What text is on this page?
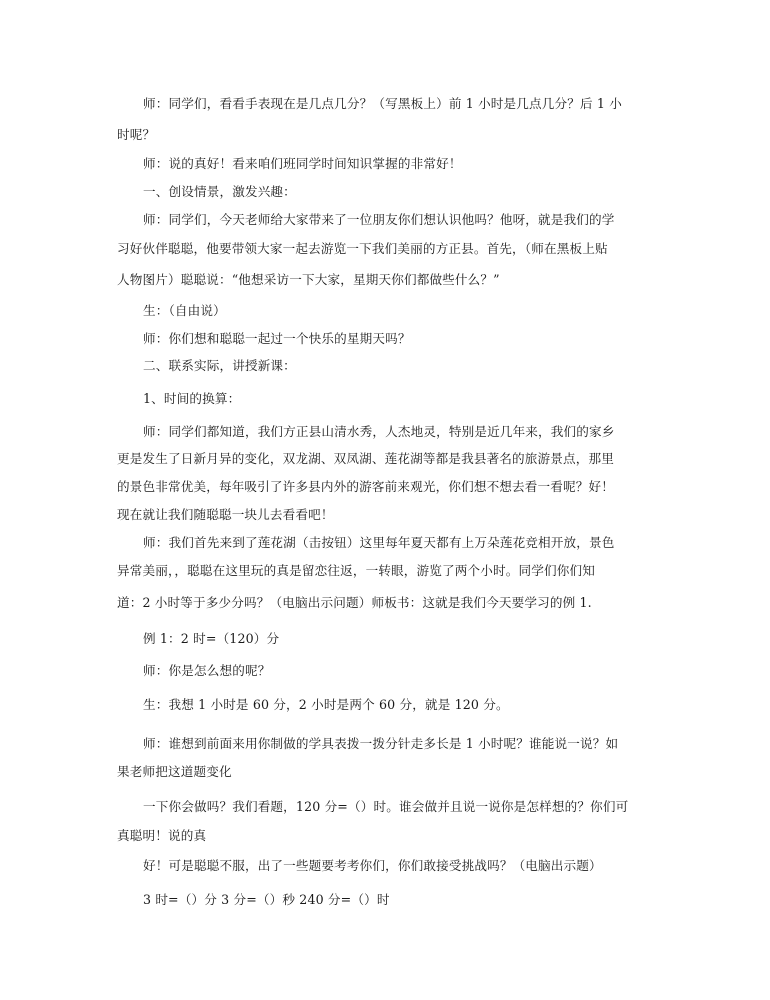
师：同学们，看看手表现在是几点几分？（写黑板上）前 1 小时是几点几分？后 1 小

时呢？

师：说的真好！看来咱们班同学时间知识掌握的非常好！

一、创设情景，激发兴趣：

师：同学们，今天老师给大家带来了一位朋友你们想认识他吗？他呀，就是我们的学

习好伙伴聪聪，他要带领大家一起去游览一下我们美丽的方正县。首先，（师在黑板上贴

人物图片）聪聪说：“他想采访一下大家，星期天你们都做些什么？”

生：（自由说）

师：你们想和聪聪一起过一个快乐的星期天吗？

二、联系实际，讲授新课：

1、时间的换算：

师：同学们都知道，我们方正县山清水秀，人杰地灵，特别是近几年来，我们的家乡

更是发生了日新月异的变化，双龙湖、双凤湖、莲花湖等都是我县著名的旅游景点，那里

的景色非常优美，每年吸引了许多县内外的游客前来观光，你们想不想去看一看呢？好！

现在就让我们随聪聪一块儿去看看吧！

师：我们首先来到了莲花湖（击按钮）这里每年夏天都有上万朵莲花竞相开放，景色

异常美丽，，聪聪在这里玩的真是留恋往返，一转眼，游览了两个小时。同学们你们知

道：2 小时等于多少分吗？（电脑出示问题）师板书：这就是我们今天要学习的例 1.

例 1：2 时=（120）分

师：你是怎么想的呢？

生：我想 1 小时是 60 分，2 小时是两个 60 分，就是 120 分。

师：谁想到前面来用你制做的学具表拨一拨分针走多长是 1 小时呢？谁能说一说？如

果老师把这道题变化

一下你会做吗？我们看题，120 分=（）时。谁会做并且说一说你是怎样想的？你们可

真聪明！说的真

好！可是聪聪不服，出了一些题要考考你们，你们敢接受挑战吗？（电脑出示题）

3 时=（）分 3 分=（）秒 240 分=（）时
